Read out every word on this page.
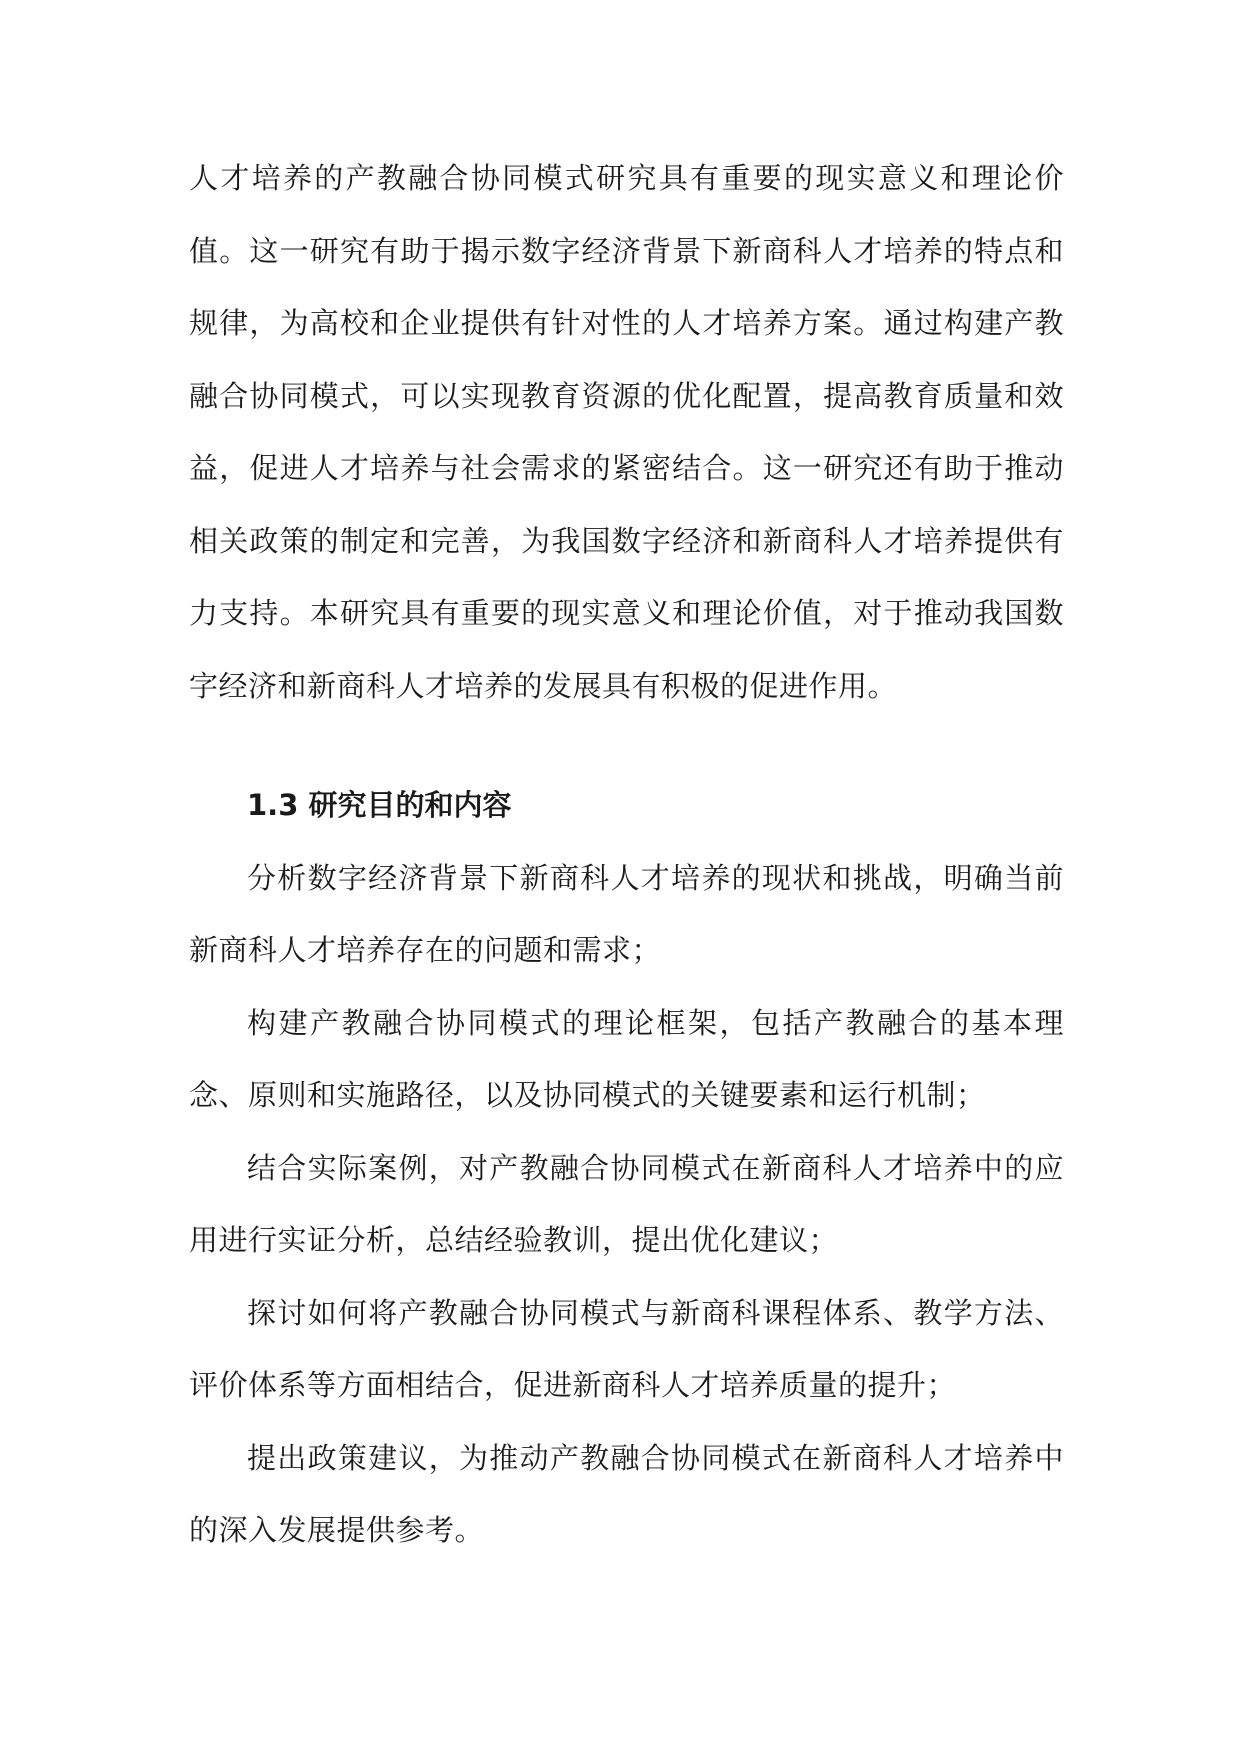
人才培养的产教融合协同模式研究具有重要的现实意义和理论价值。这一研究有助于揭示数字经济背景下新商科人才培养的特点和规律，为高校和企业提供有针对性的人才培养方案。通过构建产教融合协同模式，可以实现教育资源的优化配置，提高教育质量和效益，促进人才培养与社会需求的紧密结合。这一研究还有助于推动相关政策的制定和完善，为我国数字经济和新商科人才培养提供有力支持。本研究具有重要的现实意义和理论价值，对于推动我国数字经济和新商科人才培养的发展具有积极的促进作用。

1.3 研究目的和内容

分析数字经济背景下新商科人才培养的现状和挑战，明确当前新商科人才培养存在的问题和需求；

构建产教融合协同模式的理论框架，包括产教融合的基本理念、原则和实施路径，以及协同模式的关键要素和运行机制；

结合实际案例，对产教融合协同模式在新商科人才培养中的应用进行实证分析，总结经验教训，提出优化建议；

探讨如何将产教融合协同模式与新商科课程体系、教学方法、评价体系等方面相结合，促进新商科人才培养质量的提升；

提出政策建议，为推动产教融合协同模式在新商科人才培养中的深入发展提供参考。
